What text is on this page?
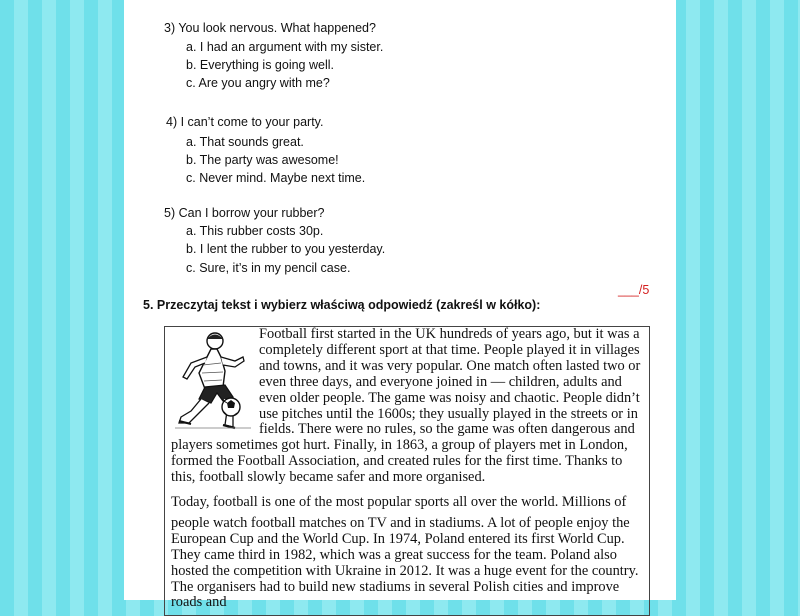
3) You look nervous. What happened?
a. I had an argument with my sister.
b. Everything is going well.
c. Are you angry with me?
4) I can’t come to your party.
a. That sounds great.
b. The party was awesome!
c. Never mind. Maybe next time.
5) Can I borrow your rubber?
a. This rubber costs 30p.
b. I lent the rubber to you yesterday.
c. Sure, it’s in my pencil case.
___/5
5. Przeczytaj tekst i wybierz właściwą odpowiedź (zakreśl w kółko):

Football first started in the UK hundreds of years ago, but it was a completely different sport at that time. People played it in villages and towns, and it was very popular. One match often lasted two or even three days, and everyone joined in — children, adults and even older people. The game was noisy and chaotic. People didn’t use pitches until the 1600s; they usually played in the streets or in fields. There were no rules, so the game was often dangerous and players sometimes got hurt. Finally, in 1863, a group of players met in London, formed the Football Association, and created rules for the first time. Thanks to this, football slowly became safer and more organised.

Today, football is one of the most popular sports all over the world. Millions of

people watch football matches on TV and in stadiums. A lot of people enjoy the European Cup and the World Cup. In 1974, Poland entered its first World Cup. They came third in 1982, which was a great success for the team. Poland also hosted the competition with Ukraine in 2012. It was a huge event for the country. The organisers had to build new stadiums in several Polish cities and improve roads and
